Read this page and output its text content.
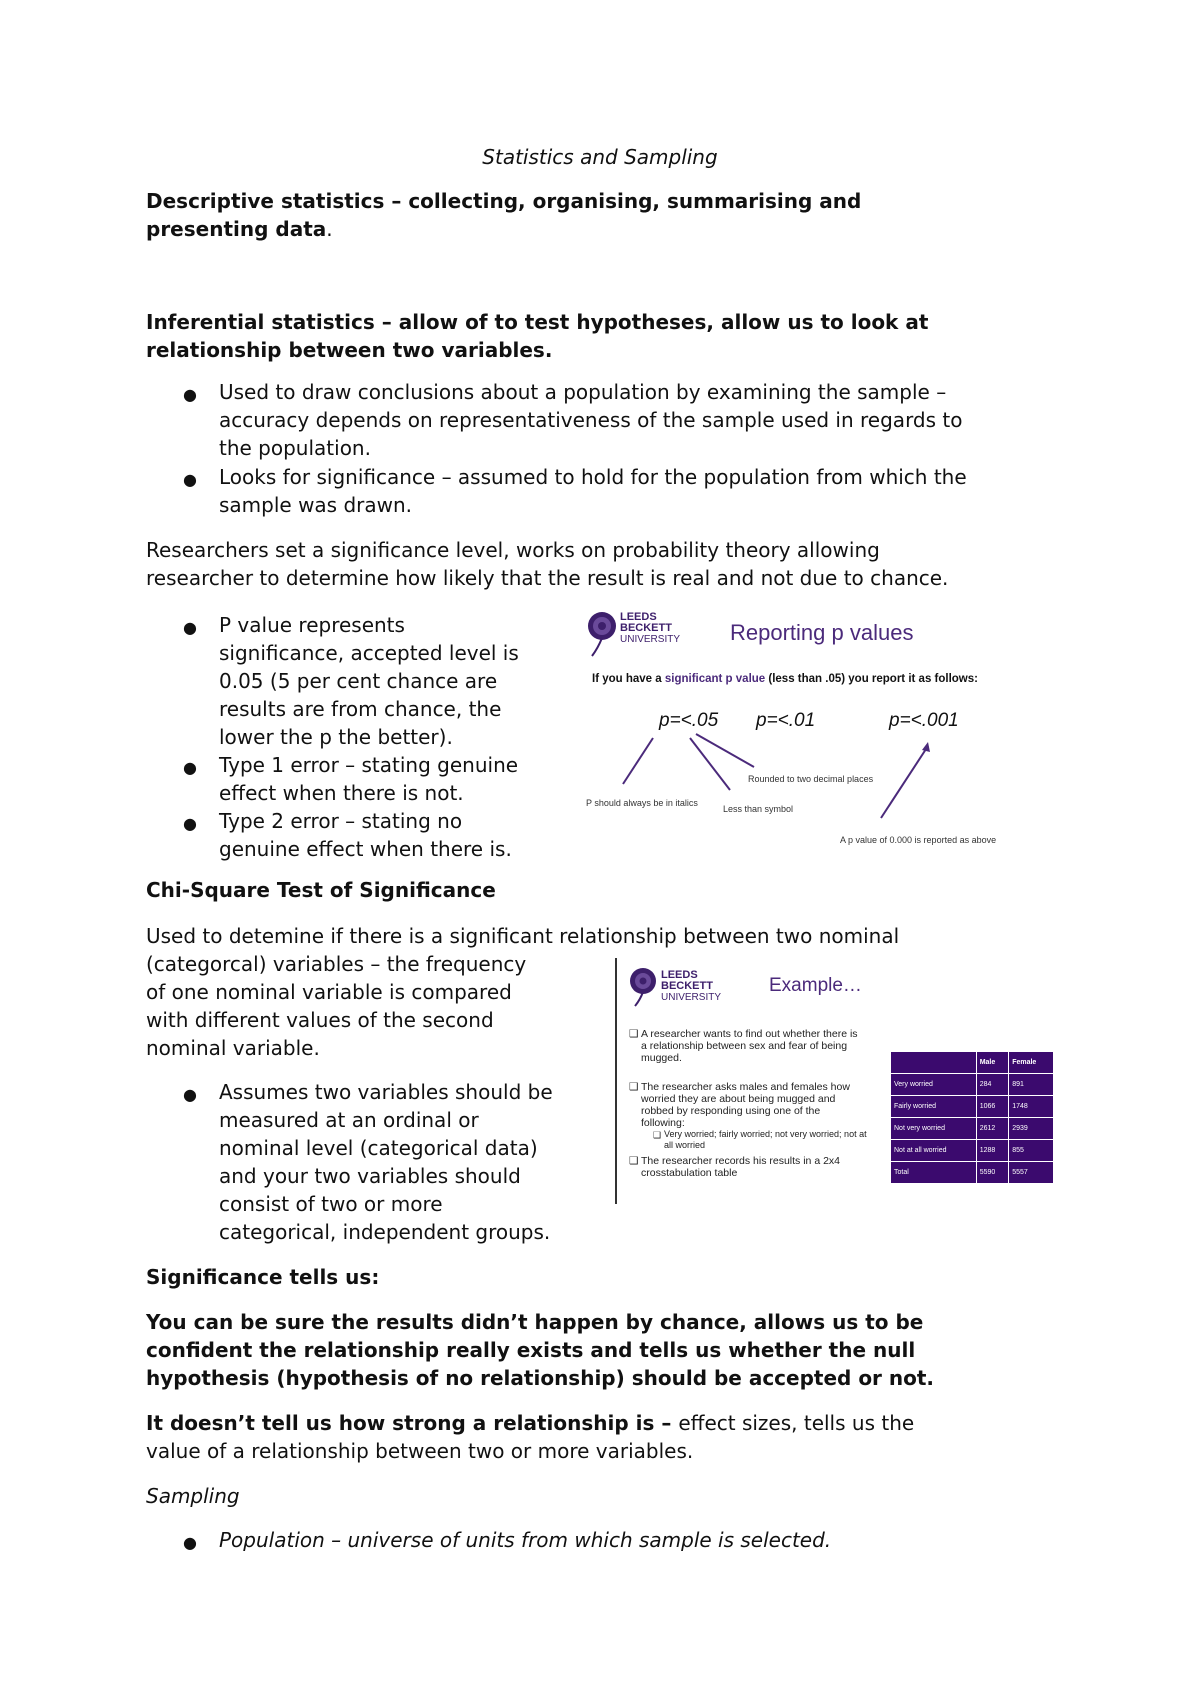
Statistics and Sampling
Descriptive statistics – collecting, organising, summarising and
presenting data.
Inferential statistics – allow of to test hypotheses, allow us to look at
relationship between two variables.
● Used to draw conclusions about a population by examining the sample –
accuracy depends on representativeness of the sample used in regards to
the population.
● Looks for significance – assumed to hold for the population from which the
sample was drawn.
Researchers set a significance level, works on probability theory allowing
researcher to determine how likely that the result is real and not due to chance.
● P value represents
significance, accepted level is
0.05 (5 per cent chance are
results are from chance, the
lower the p the better).
● Type 1 error – stating genuine
effect when there is not.
● Type 2 error – stating no
genuine effect when there is.
LEEDS
BECKETT
UNIVERSITY Reporting p values
If you have a significant p value (less than .05) you report it as follows:
p=<.05 p=<.01	p=<.001
P should always be in italics
Less than symbol
Rounded to two decimal places
A p value of 0.000 is reported as above
Chi-Square Test of Significance
Used to detemine if there is a significant relationship between two nominal
(categorcal) variables – the frequency
of one nominal variable is compared
with different values of the second
nominal variable.
● Assumes two variables should be
measured at an ordinal or
nominal level (categorical data)
and your two variables should
consist of two or more
categorical, independent groups.
LEEDS
BECKETT
UNIVERSITY
Example…
❑ A researcher wants to find out whether there is
a relationship between sex and fear of being
mugged.
❑ The researcher asks males and females how
worried they are about being mugged and
robbed by responding using one of the
following:
❑ Very worried; fairly worried; not very worried; not at
all worried
❑ The researcher records his results in a 2x4
crosstabulation table
	Male	Female
Very worried	284	891
Fairly worried	1066	1748
Not very worried	2612	2939
Not at all worried	1288	855
Total	5590	5557
Significance tells us:
You can be sure the results didn’t happen by chance, allows us to be
confident the relationship really exists and tells us whether the null
hypothesis (hypothesis of no relationship) should be accepted or not.
It doesn’t tell us how strong a relationship is – effect sizes, tells us the
value of a relationship between two or more variables.
Sampling
● Population – universe of units from which sample is selected.
